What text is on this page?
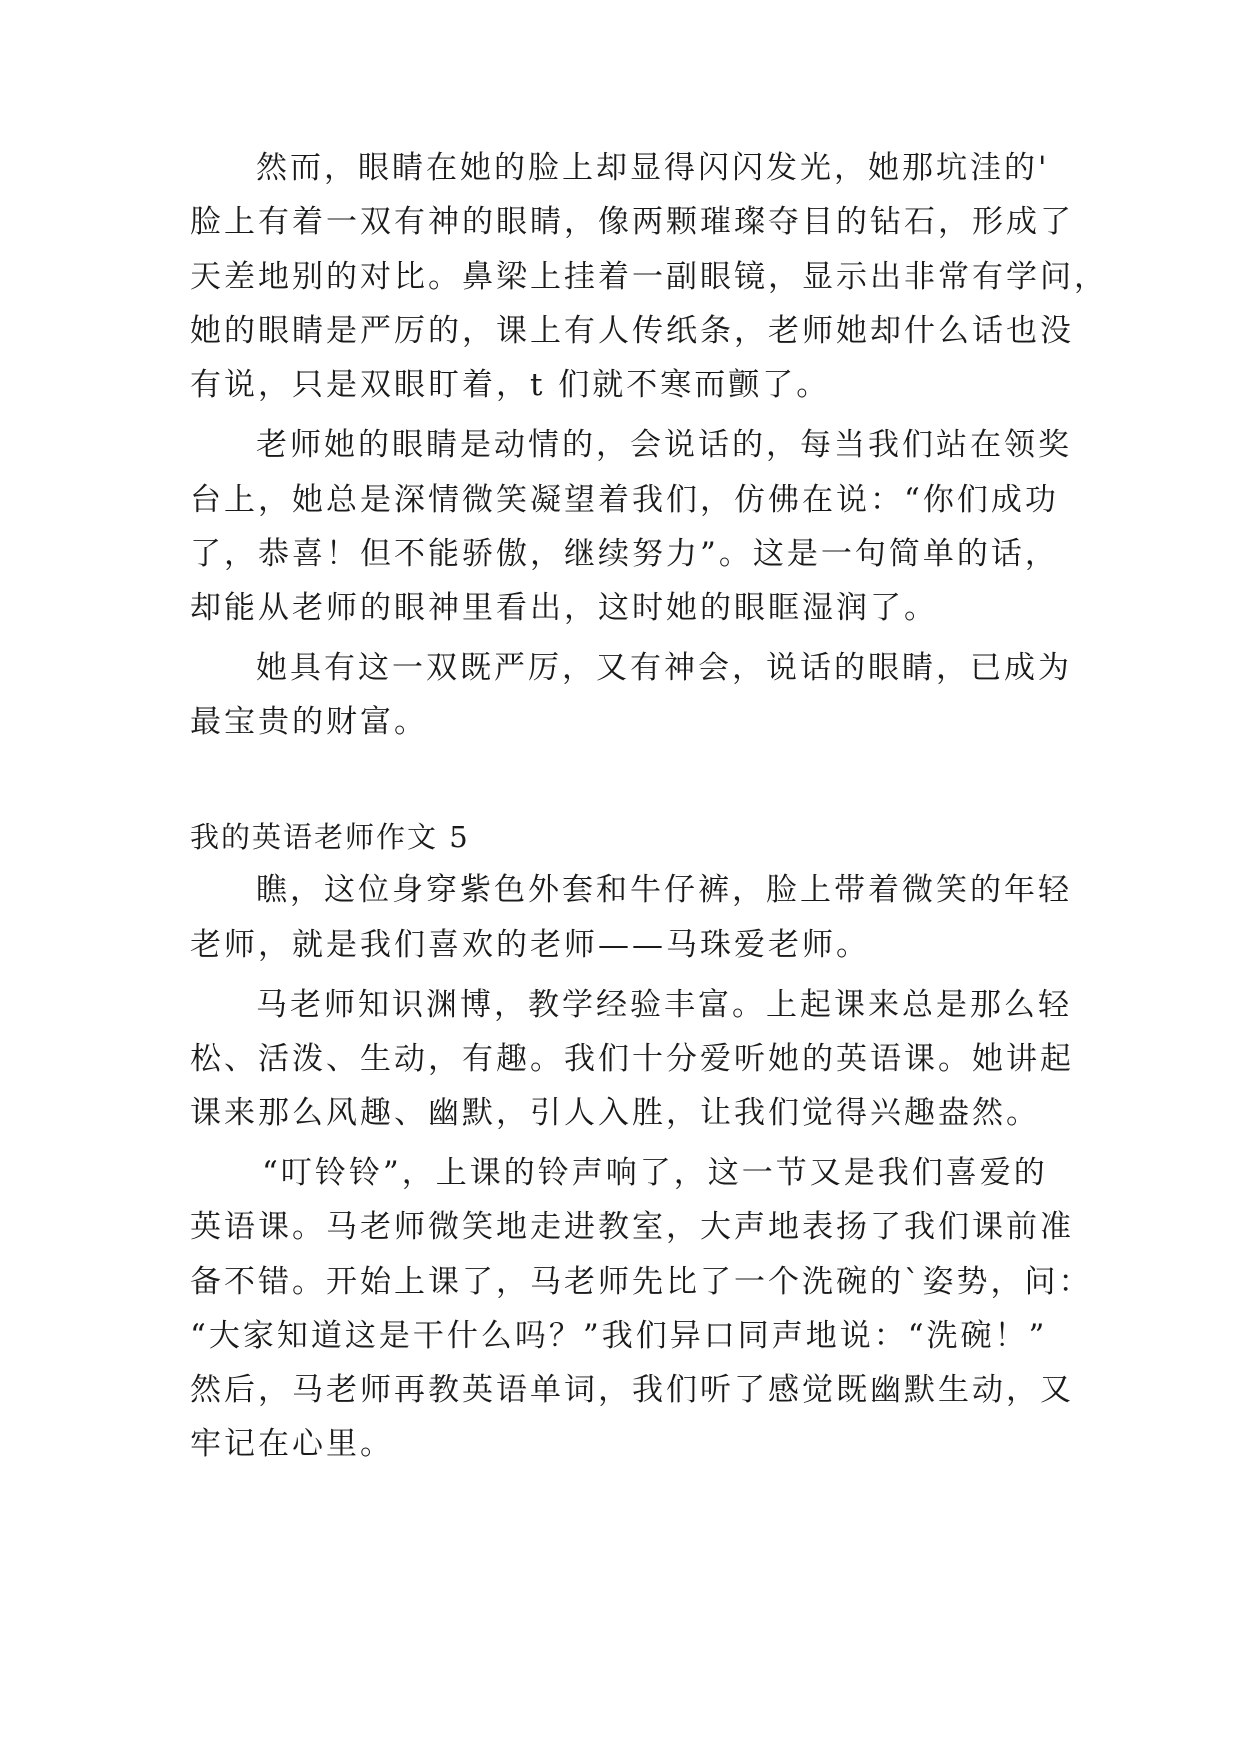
然而，眼睛在她的脸上却显得闪闪发光，她那坑洼的'
脸上有着一双有神的眼睛，像两颗璀璨夺目的钻石，形成了
天差地别的对比。鼻梁上挂着一副眼镜，显示出非常有学问，
她的眼睛是严厉的，课上有人传纸条，老师她却什么话也没
有说，只是双眼盯着，t 们就不寒而颤了。
老师她的眼睛是动情的，会说话的，每当我们站在领奖
台上，她总是深情微笑凝望着我们，仿佛在说：“你们成功
了，恭喜！但不能骄傲，继续努力”。这是一句简单的话，
却能从老师的眼神里看出，这时她的眼眶湿润了。
她具有这一双既严厉，又有神会，说话的眼睛，已成为
最宝贵的财富。
我的英语老师作文 5
瞧，这位身穿紫色外套和牛仔裤，脸上带着微笑的年轻
老师，就是我们喜欢的老师——马珠爱老师。
马老师知识渊博，教学经验丰富。上起课来总是那么轻
松、活泼、生动，有趣。我们十分爱听她的英语课。她讲起
课来那么风趣、幽默，引人入胜，让我们觉得兴趣盎然。
“叮铃铃”，上课的铃声响了，这一节又是我们喜爱的
英语课。马老师微笑地走进教室，大声地表扬了我们课前准
备不错。开始上课了，马老师先比了一个洗碗的`姿势，问：
“大家知道这是干什么吗？”我们异口同声地说：“洗碗！”
然后，马老师再教英语单词，我们听了感觉既幽默生动，又
牢记在心里。
